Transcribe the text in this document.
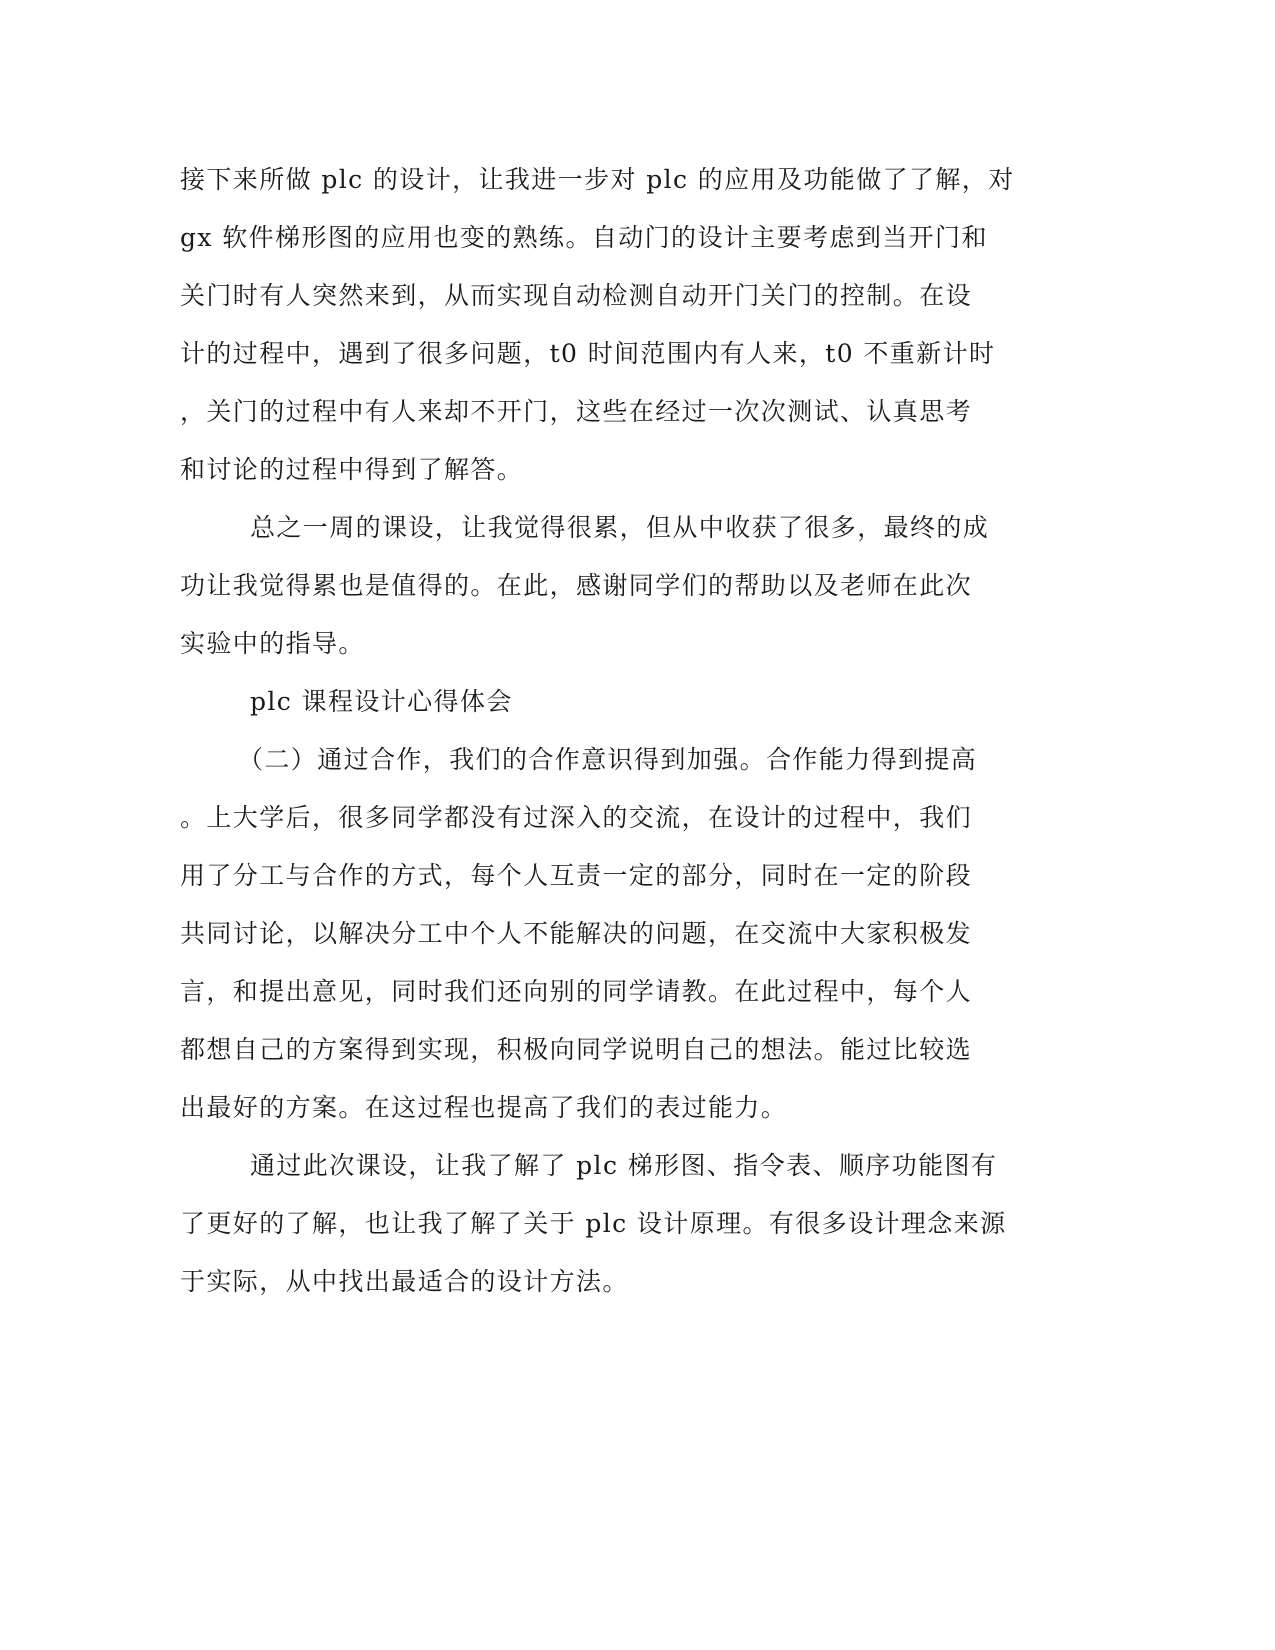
接下来所做 plc 的设计，让我进一步对 plc 的应用及功能做了了解，对

gx 软件梯形图的应用也变的熟练。自动门的设计主要考虑到当开门和

关门时有人突然来到，从而实现自动检测自动开门关门的控制。在设

计的过程中，遇到了很多问题，t0 时间范围内有人来，t0 不重新计时

，关门的过程中有人来却不开门，这些在经过一次次测试、认真思考

和讨论的过程中得到了解答。

总之一周的课设，让我觉得很累，但从中收获了很多，最终的成

功让我觉得累也是值得的。在此，感谢同学们的帮助以及老师在此次

实验中的指导。

plc 课程设计心得体会

（二）通过合作，我们的合作意识得到加强。合作能力得到提高

。上大学后，很多同学都没有过深入的交流，在设计的过程中，我们

用了分工与合作的方式，每个人互责一定的部分，同时在一定的阶段

共同讨论，以解决分工中个人不能解决的问题，在交流中大家积极发

言，和提出意见，同时我们还向别的同学请教。在此过程中，每个人

都想自己的方案得到实现，积极向同学说明自己的想法。能过比较选

出最好的方案。在这过程也提高了我们的表过能力。

通过此次课设，让我了解了 plc 梯形图、指令表、顺序功能图有

了更好的了解，也让我了解了关于 plc 设计原理。有很多设计理念来源

于实际，从中找出最适合的设计方法。
